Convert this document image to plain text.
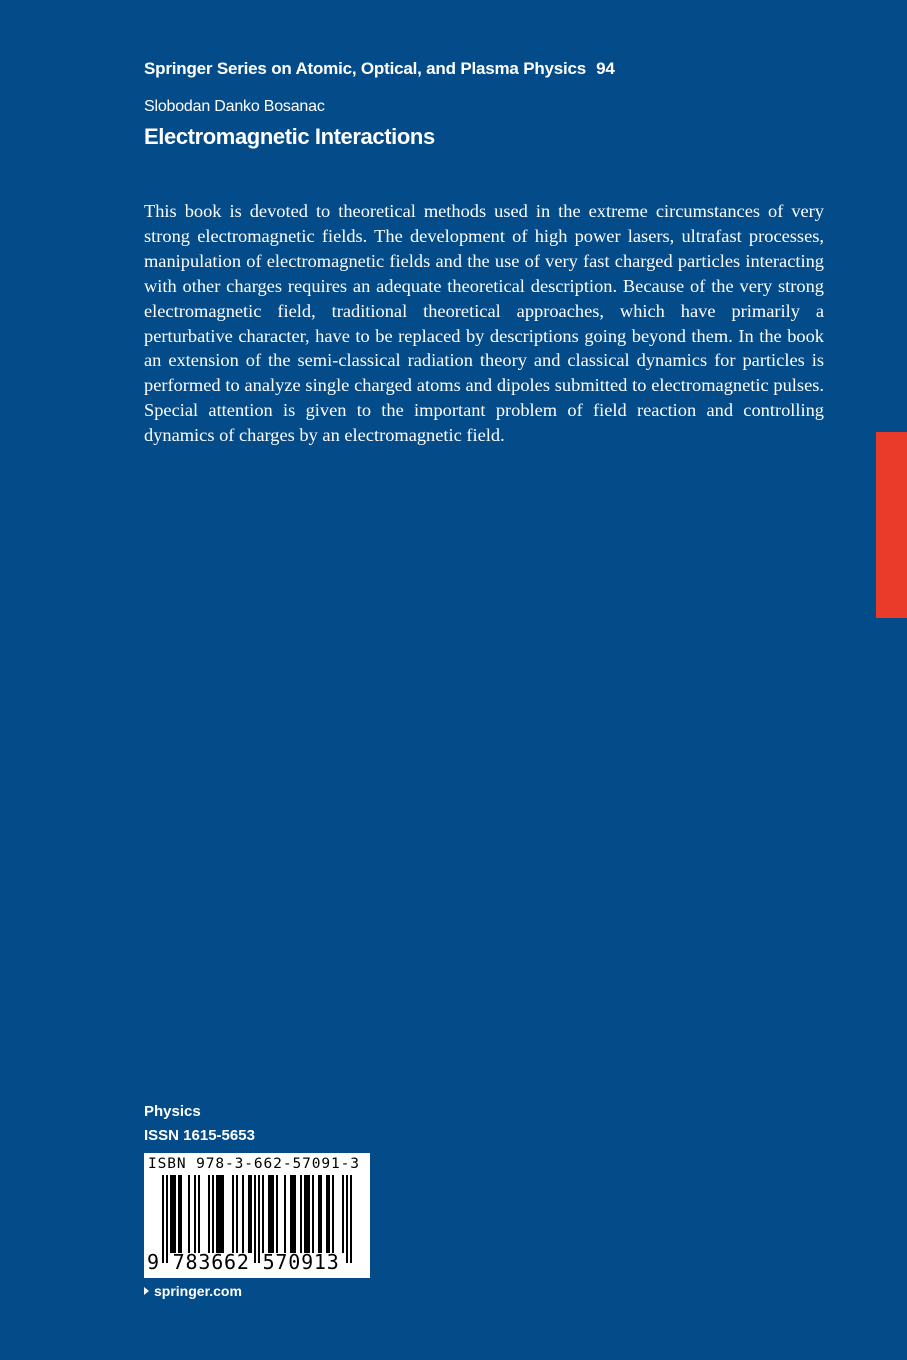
Springer Series on Atomic, Optical, and Plasma Physics 94
Slobodan Danko Bosanac
Electromagnetic Interactions

This book is devoted to theoretical methods used in the extreme circumstances of very strong electromagnetic fields. The development of high power lasers, ultrafast processes, manipulation of electromagnetic fields and the use of very fast charged particles interacting with other charges requires an adequate theoretical description. Because of the very strong electromagnetic field, traditional theoretical approaches, which have primarily a perturbative character, have to be replaced by descriptions going beyond them. In the book an extension of the semi-classical radiation theory and classical dynamics for particles is performed to analyze single charged atoms and dipoles submitted to electromagnetic pulses. Special attention is given to the important problem of field reaction and controlling dynamics of charges by an electromagnetic field.

Physics
ISSN 1615-5653
ISBN 978-3-662-57091-3
9 783662 570913
springer.com
